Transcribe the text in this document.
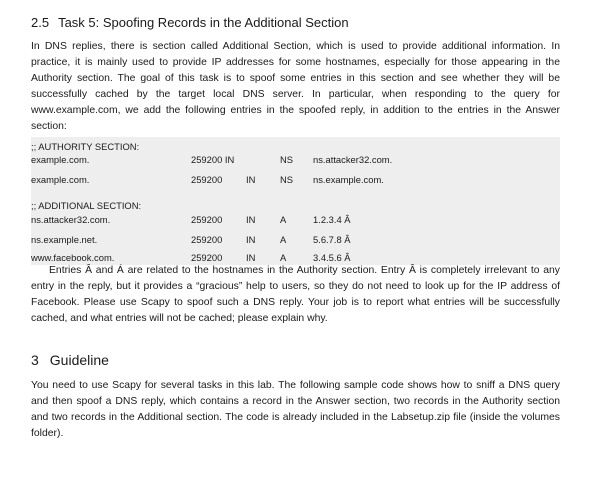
2.5 Task 5: Spoofing Records in the Additional Section
In DNS replies, there is section called Additional Section, which is used to provide additional information. In practice, it is mainly used to provide IP addresses for some hostnames, especially for those appearing in the Authority section. The goal of this task is to spoof some entries in this section and see whether they will be successfully cached by the target local DNS server. In particular, when responding to the query for www.example.com, we add the following entries in the spoofed reply, in addition to the entries in the Answer section:
;; AUTHORITY SECTION:
example.com.	259200 IN	NS ns.attacker32.com.
example.com.	259200	IN	NS ns.example.com.
;; ADDITIONAL SECTION:
ns.attacker32.com.	259200	IN	A	1.2.3.4 Â
ns.example.net.	259200	IN	A	5.6.7.8 Â
www.facebook.com.	259200	IN	A	3.4.5.6 Â
Entries Â and Á are related to the hostnames in the Authority section. Entry Â is completely irrelevant to any entry in the reply, but it provides a “gracious” help to users, so they do not need to look up for the IP address of Facebook. Please use Scapy to spoof such a DNS reply. Your job is to report what entries will be successfully cached, and what entries will not be cached; please explain why.
3 Guideline
You need to use Scapy for several tasks in this lab. The following sample code shows how to sniff a DNS query and then spoof a DNS reply, which contains a record in the Answer section, two records in the Authority section and two records in the Additional section. The code is already included in the Labsetup.zip file (inside the volumes folder).
